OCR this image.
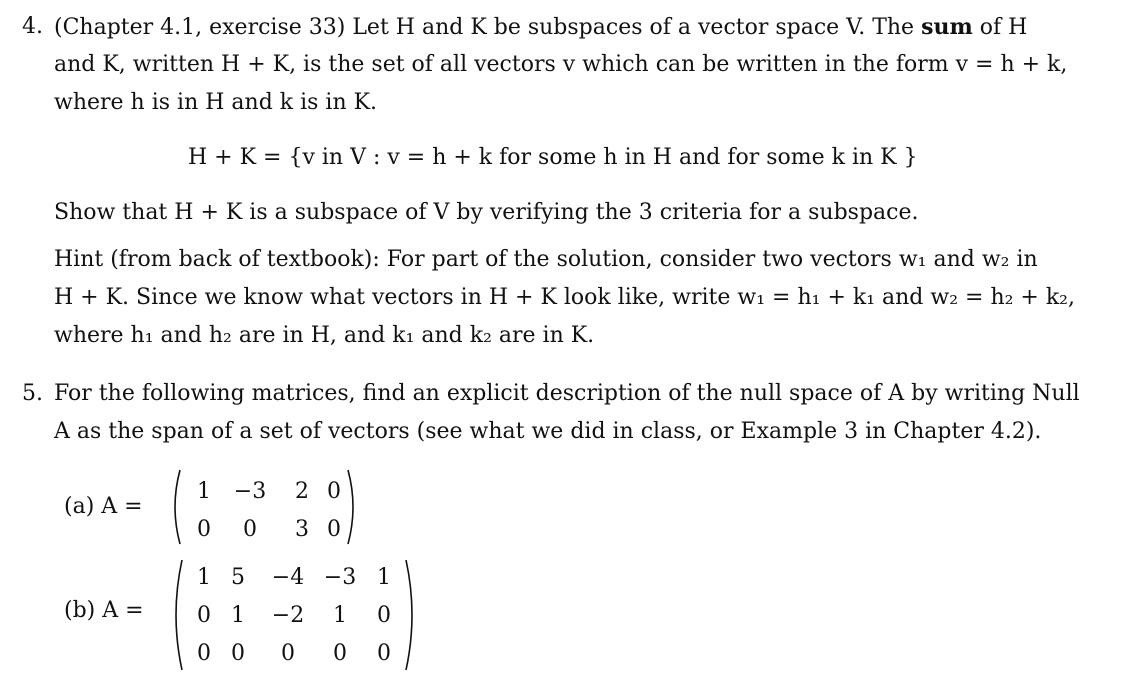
4. (Chapter 4.1, exercise 33) Let H and K be subspaces of a vector space V. The sum of H
and K, written H + K, is the set of all vectors v which can be written in the form v = h + k,
where h is in H and k is in K.
H + K = {v in V : v = h + k for some h in H and for some k in K }
Show that H + K is a subspace of V by verifying the 3 criteria for a subspace.
Hint (from back of textbook): For part of the solution, consider two vectors w₁ and w₂ in
H + K. Since we know what vectors in H + K look like, write w₁ = h₁ + k₁ and w₂ = h₂ + k₂,
where h₁ and h₂ are in H, and k₁ and k₂ are in K.
5. For the following matrices, find an explicit description of the null space of A by writing Null
A as the span of a set of vectors (see what we did in class, or Example 3 in Chapter 4.2).
(a) A =
1	−3	2 0
0	0	3 0
(b) A =
1 5	−4 −3 1
0 1	−2	1	0
0 0	0	0	0
